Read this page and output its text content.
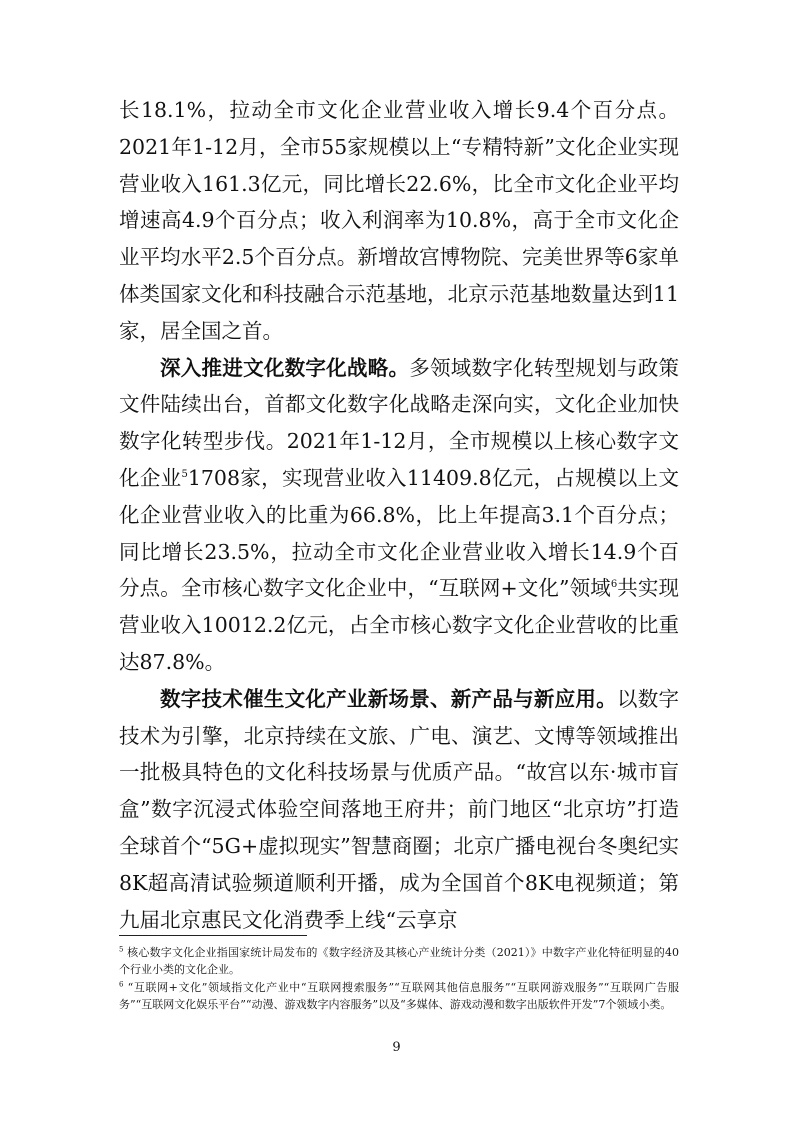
长18.1%，拉动全市文化企业营业收入增长9.4个百分点。2021年1-12月，全市55家规模以上“专精特新”文化企业实现营业收入161.3亿元，同比增长22.6%，比全市文化企业平均增速高4.9个百分点；收入利润率为10.8%，高于全市文化企业平均水平2.5个百分点。新增故宫博物院、完美世界等6家单体类国家文化和科技融合示范基地，北京示范基地数量达到11家，居全国之首。

深入推进文化数字化战略。多领域数字化转型规划与政策文件陆续出台，首都文化数字化战略走深向实，文化企业加快数字化转型步伐。2021年1-12月，全市规模以上核心数字文化企业$^5$1708家，实现营业收入11409.8亿元，占规模以上文化企业营业收入的比重为66.8%，比上年提高3.1个百分点；同比增长23.5%，拉动全市文化企业营业收入增长14.9个百分点。全市核心数字文化企业中，“互联网+文化”领域$^6$共实现营业收入10012.2亿元，占全市核心数字文化企业营收的比重达87.8%。

数字技术催生文化产业新场景、新产品与新应用。以数字技术为引擎，北京持续在文旅、广电、演艺、文博等领域推出一批极具特色的文化科技场景与优质产品。“故宫以东·城市盲盒”数字沉浸式体验空间落地王府井；前门地区“北京坊”打造全球首个“5G+虚拟现实”智慧商圈；北京广播电视台冬奥纪实8K超高清试验频道顺利开播，成为全国首个8K电视频道；第九届北京惠民文化消费季上线“云享京

$^5$ 核心数字文化企业指国家统计局发布的《数字经济及其核心产业统计分类（2021）》中数字产业化特征明显的40个行业小类的文化企业。

$^6$ “互联网+文化”领域指文化产业中“互联网搜索服务”“互联网其他信息服务”“互联网游戏服务”“互联网广告服务”“互联网文化娱乐平台”“动漫、游戏数字内容服务”以及“多媒体、游戏动漫和数字出版软件开发”7个领域小类。

9
